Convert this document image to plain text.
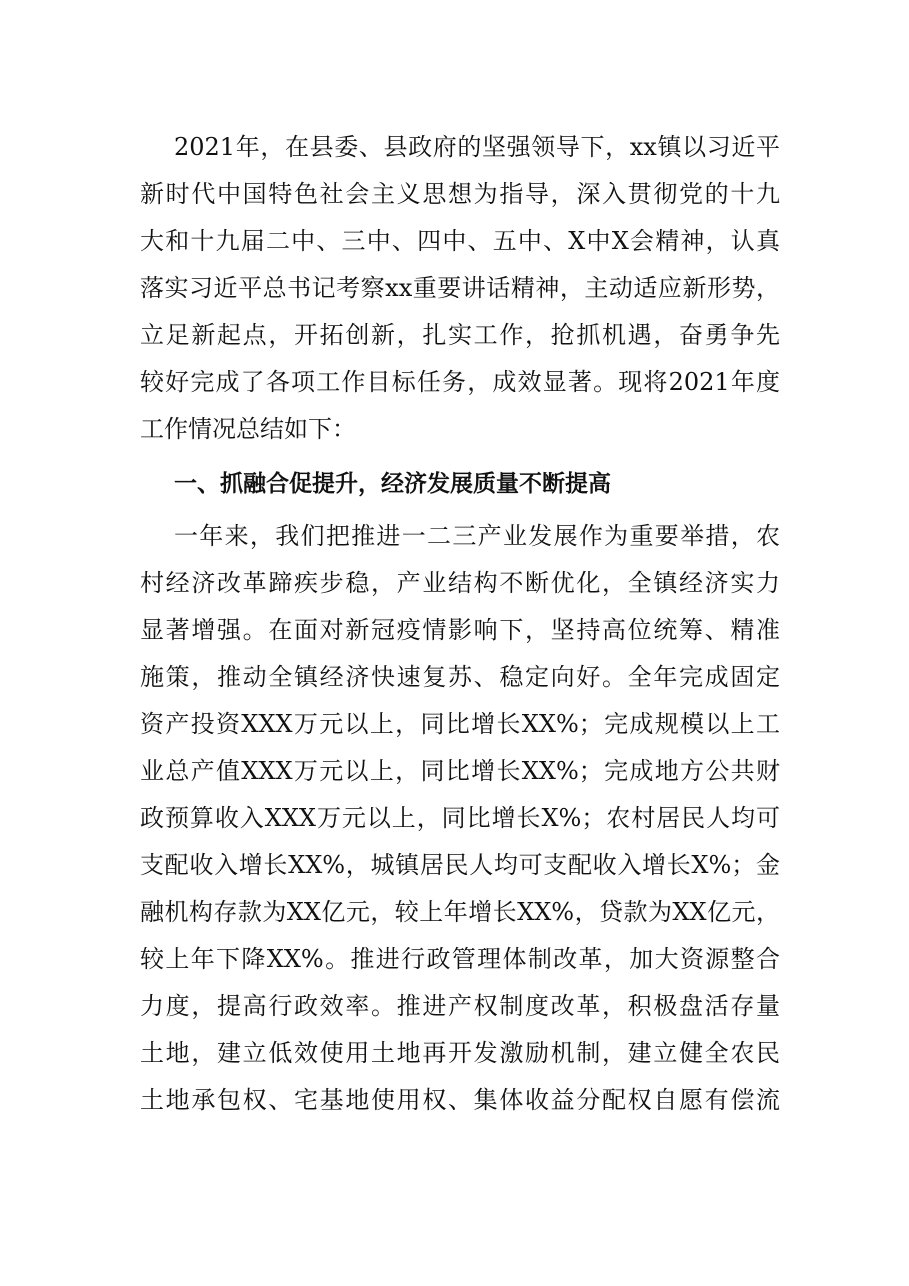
2021年，在县委、县政府的坚强领导下，xx镇以习近平
新时代中国特色社会主义思想为指导，深入贯彻党的十九
大和十九届二中、三中、四中、五中、X中X会精神，认真
落实习近平总书记考察xx重要讲话精神，主动适应新形势，
立足新起点，开拓创新，扎实工作，抢抓机遇，奋勇争先
较好完成了各项工作目标任务，成效显著。现将2021年度
工作情况总结如下：
一、抓融合促提升，经济发展质量不断提高
一年来，我们把推进一二三产业发展作为重要举措，农
村经济改革蹄疾步稳，产业结构不断优化，全镇经济实力
显著增强。在面对新冠疫情影响下，坚持高位统筹、精准
施策，推动全镇经济快速复苏、稳定向好。全年完成固定
资产投资XXX万元以上，同比增长XX%；完成规模以上工
业总产值XXX万元以上，同比增长XX%；完成地方公共财
政预算收入XXX万元以上，同比增长X%；农村居民人均可
支配收入增长XX%，城镇居民人均可支配收入增长X%；金
融机构存款为XX亿元，较上年增长XX%，贷款为XX亿元，
较上年下降XX%。推进行政管理体制改革，加大资源整合
力度，提高行政效率。推进产权制度改革，积极盘活存量
土地，建立低效使用土地再开发激励机制，建立健全农民
土地承包权、宅基地使用权、集体收益分配权自愿有偿流
